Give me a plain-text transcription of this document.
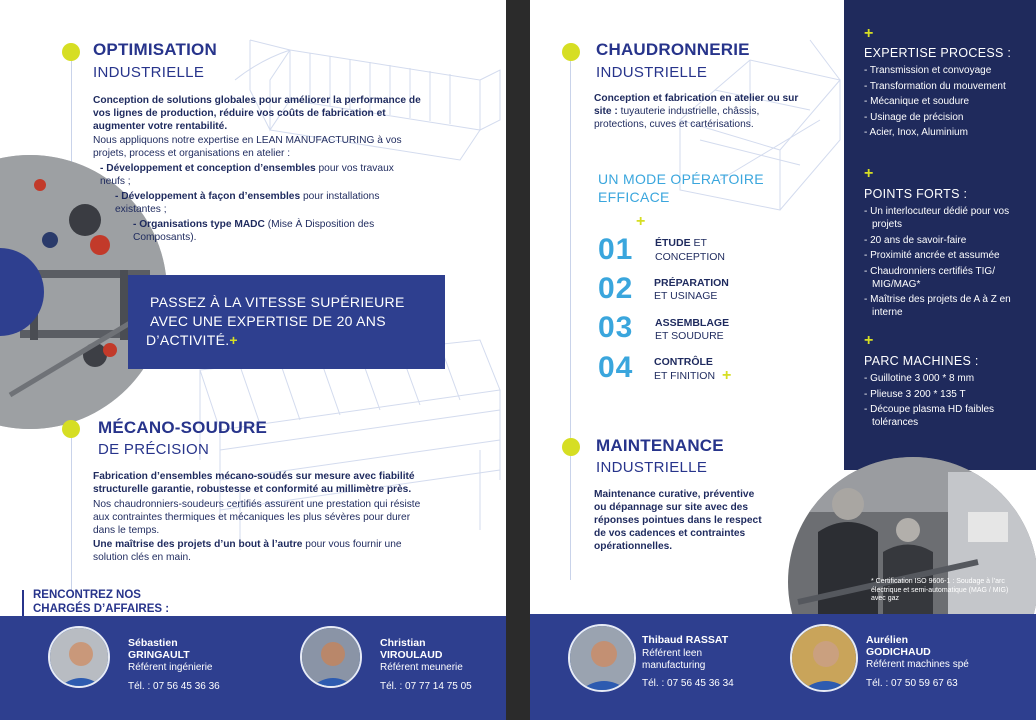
OPTIMISATION
INDUSTRIELLE
Conception de solutions globales pour améliorer la performance de vos lignes de production, réduire vos coûts de fabrication et augmenter votre rentabilité.
Nous appliquons notre expertise en LEAN MANUFACTURING à vos projets, process et organisations en atelier :
- Développement et conception d’ensembles pour vos travaux neufs ;
- Développement à façon d’ensembles pour installations existantes ;
- Organisations type MADC (Mise À Disposition des Composants).
PASSEZ À LA VITESSE SUPÉRIEURE
AVEC UNE EXPERTISE DE 20 ANS
D’ACTIVITÉ.+
MÉCANO-SOUDURE
DE PRÉCISION
Fabrication d’ensembles mécano-soudés sur mesure avec fiabilité structurelle garantie, robustesse et conformité au millimètre près.
Nos chaudronniers-soudeurs certifiés assurent une prestation qui résiste aux contraintes thermiques et mécaniques les plus sévères pour durer dans le temps.
Une maîtrise des projets d’un bout à l’autre pour vous fournir une solution clés en main.
RENCONTREZ NOS
CHARGÉS D’AFFAIRES :
Sébastien
GRINGAULT
Référent ingénierie
Tél. : 07 56 45 36 36
Christian
VIROULAUD
Référent meunerie
Tél. : 07 77 14 75 05
CHAUDRONNERIE
INDUSTRIELLE
Conception et fabrication en atelier ou sur site : tuyauterie industrielle, châssis, protections, cuves et cartérisations.
UN MODE OPÉRATOIRE
EFFICACE
+
01 ÉTUDE ET
CONCEPTION
02 PRÉPARATION
ET USINAGE
03 ASSEMBLAGE
ET SOUDURE
04 CONTRÔLE
ET FINITION +
MAINTENANCE
INDUSTRIELLE
Maintenance curative, préventive ou dépannage sur site avec des réponses pointues dans le respect de vos cadences et contraintes opérationnelles.
+
EXPERTISE PROCESS :
- Transmission et convoyage
- Transformation du mouvement
- Mécanique et soudure
- Usinage de précision
- Acier, Inox, Aluminium
+
POINTS FORTS :
- Un interlocuteur dédié pour vos projets
- 20 ans de savoir-faire
- Proximité ancrée et assumée
- Chaudronniers certifiés TIG/ MIG/MAG*
- Maîtrise des projets de A à Z en interne
+
PARC MACHINES :
- Guillotine 3 000 * 8 mm
- Plieuse 3 200 * 135 T
- Découpe plasma HD faibles tolérances
* Certification ISO 9606-1 : Soudage à l’arc électrique et semi-automatique (MAG / MIG) avec gaz
Thibaud RASSAT
Référent leen
manufacturing
Tél. : 07 56 45 36 34
Aurélien
GODICHAUD
Référent machines spé
Tél. : 07 50 59 67 63
